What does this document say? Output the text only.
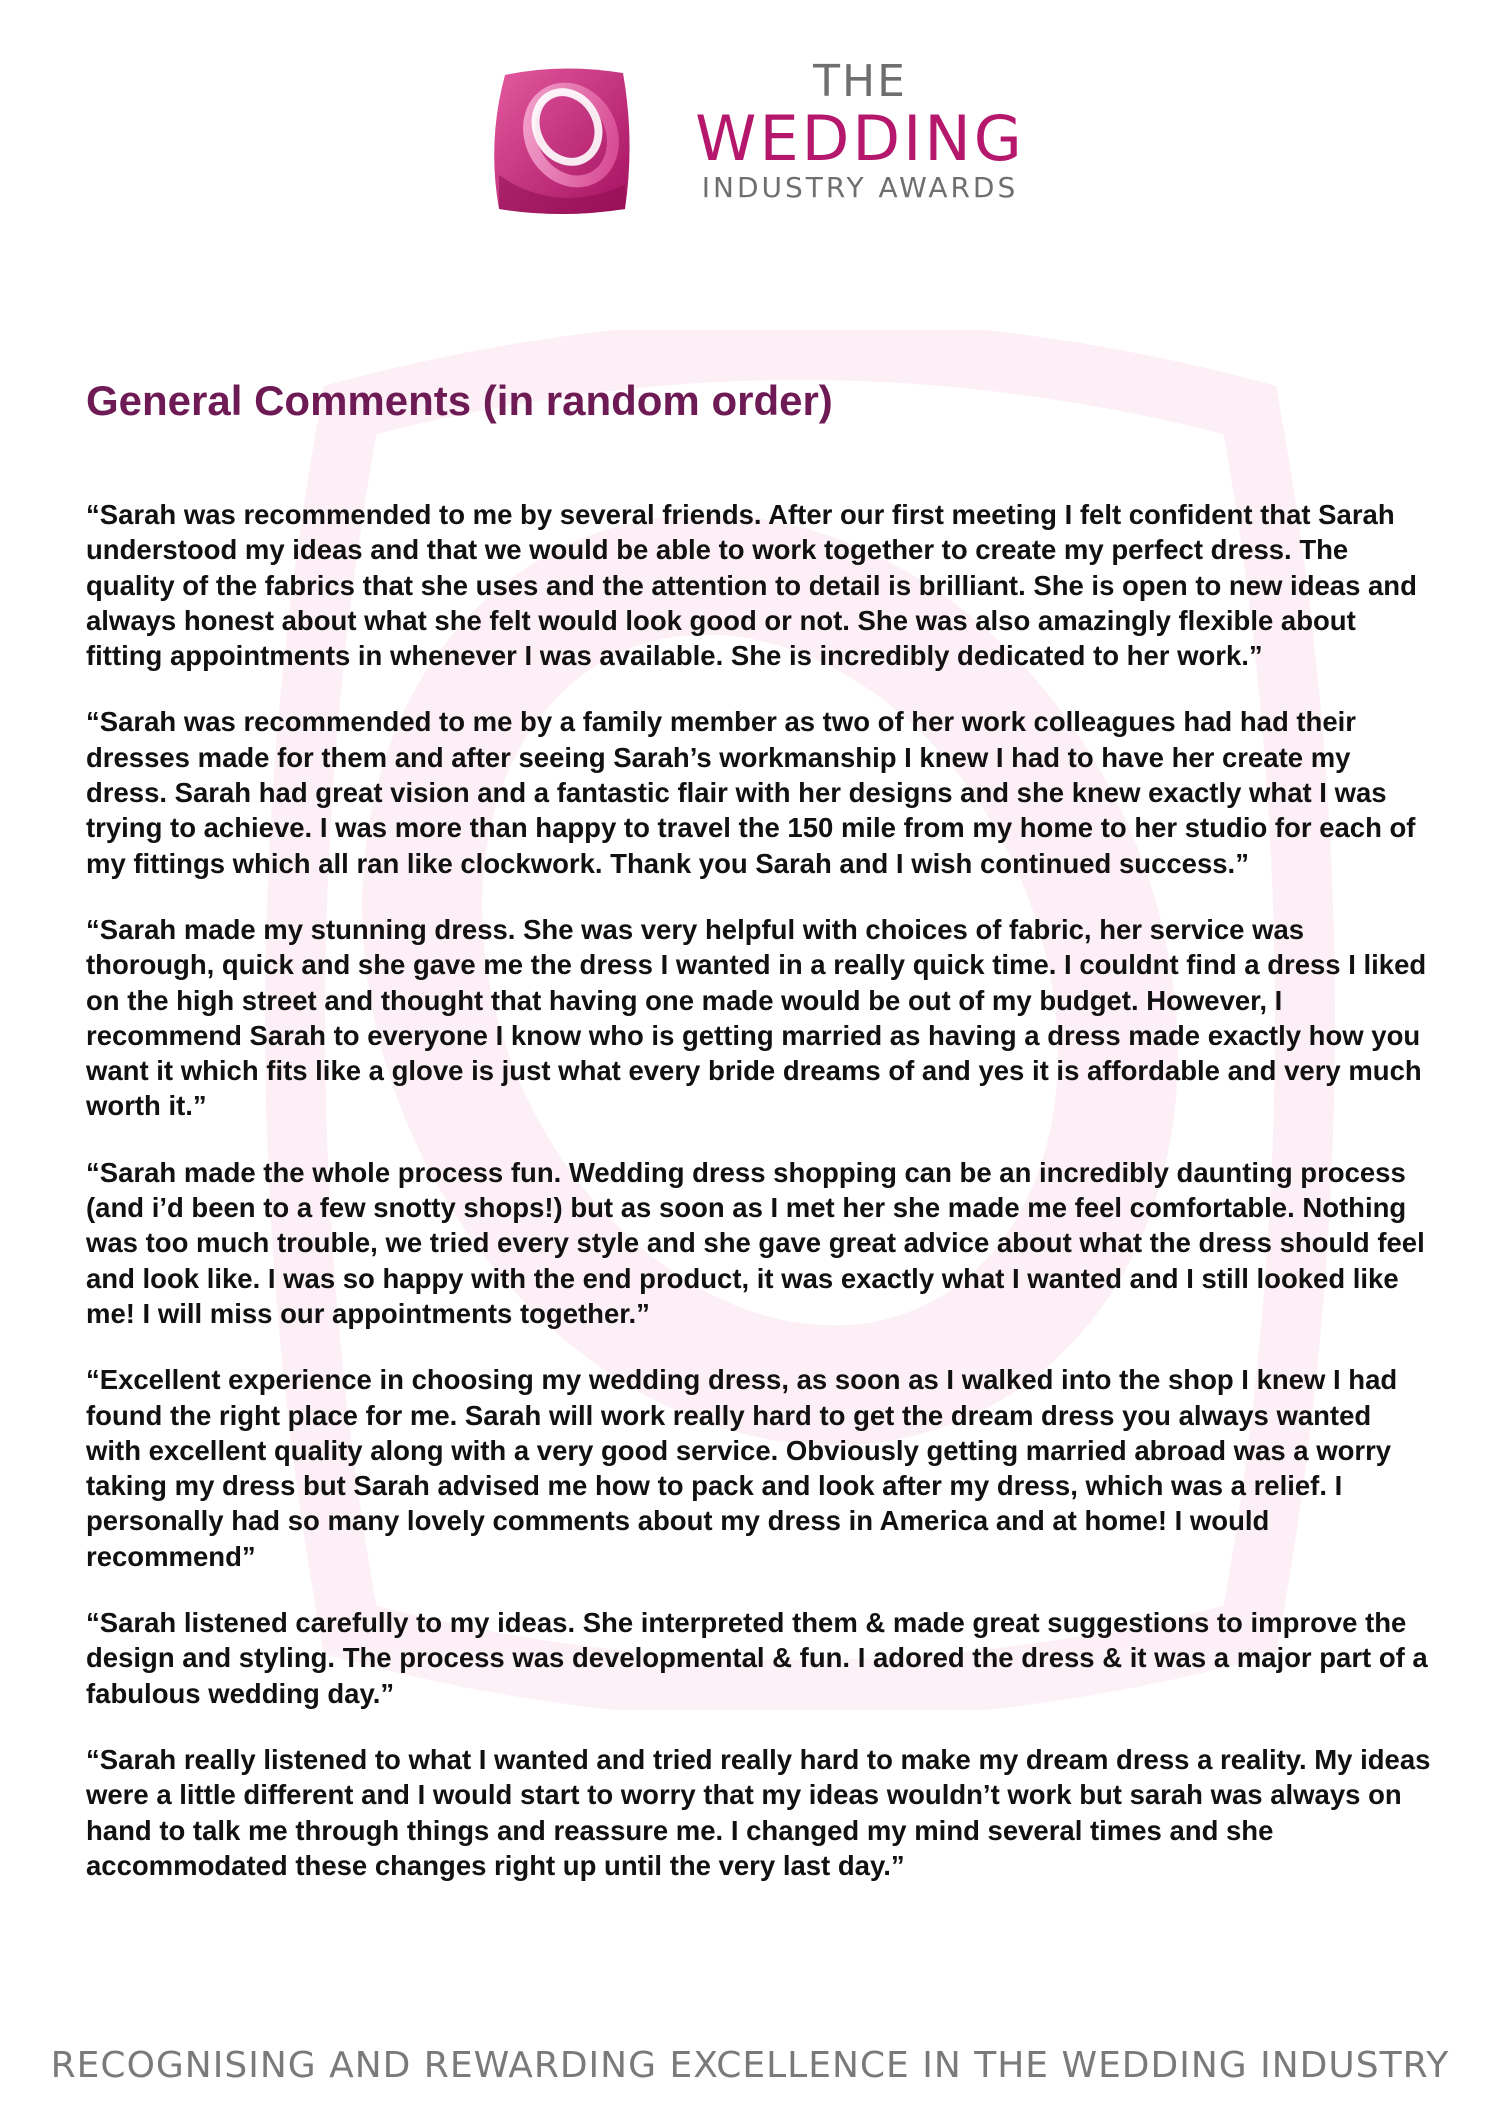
THE
WEDDING
INDUSTRY AWARDS
General Comments (in random order)

“Sarah was recommended to me by several friends. After our first meeting I felt confident that Sarah understood my ideas and that we would be able to work together to create my perfect dress. The quality of the fabrics that she uses and the attention to detail is brilliant. She is open to new ideas and always honest about what she felt would look good or not. She was also amazingly flexible about fitting appointments in whenever I was available. She is incredibly dedicated to her work.”

“Sarah was recommended to me by a family member as two of her work colleagues had had their dresses made for them and after seeing Sarah’s workmanship I knew I had to have her create my dress. Sarah had great vision and a fantastic flair with her designs and she knew exactly what I was trying to achieve. I was more than happy to travel the 150 mile from my home to her studio for each of my fittings which all ran like clockwork. Thank you Sarah and I wish continued success.”

“Sarah made my stunning dress. She was very helpful with choices of fabric, her service was thorough, quick and she gave me the dress I wanted in a really quick time. I couldnt find a dress I liked on the high street and thought that having one made would be out of my budget. However, I recommend Sarah to everyone I know who is getting married as having a dress made exactly how you want it which fits like a glove is just what every bride dreams of and yes it is affordable and very much worth it.”

“Sarah made the whole process fun. Wedding dress shopping can be an incredibly daunting process (and i’d been to a few snotty shops!) but as soon as I met her she made me feel comfortable. Nothing was too much trouble, we tried every style and she gave great advice about what the dress should feel and look like. I was so happy with the end product, it was exactly what I wanted and I still looked like me! I will miss our appointments together.”

“Excellent experience in choosing my wedding dress, as soon as I walked into the shop I knew I had found the right place for me. Sarah will work really hard to get the dream dress you always wanted with excellent quality along with a very good service. Obviously getting married abroad was a worry taking my dress but Sarah advised me how to pack and look after my dress, which was a relief. I personally had so many lovely comments about my dress in America and at home! I would recommend”

“Sarah listened carefully to my ideas. She interpreted them & made great suggestions to improve the design and styling. The process was developmental & fun. I adored the dress & it was a major part of a fabulous wedding day.”

“Sarah really listened to what I wanted and tried really hard to make my dream dress a reality. My ideas were a little different and I would start to worry that my ideas wouldn’t work but sarah was always on hand to talk me through things and reassure me. I changed my mind several times and she accommodated these changes right up until the very last day.”

RECOGNISING AND REWARDING EXCELLENCE IN THE WEDDING INDUSTRY
